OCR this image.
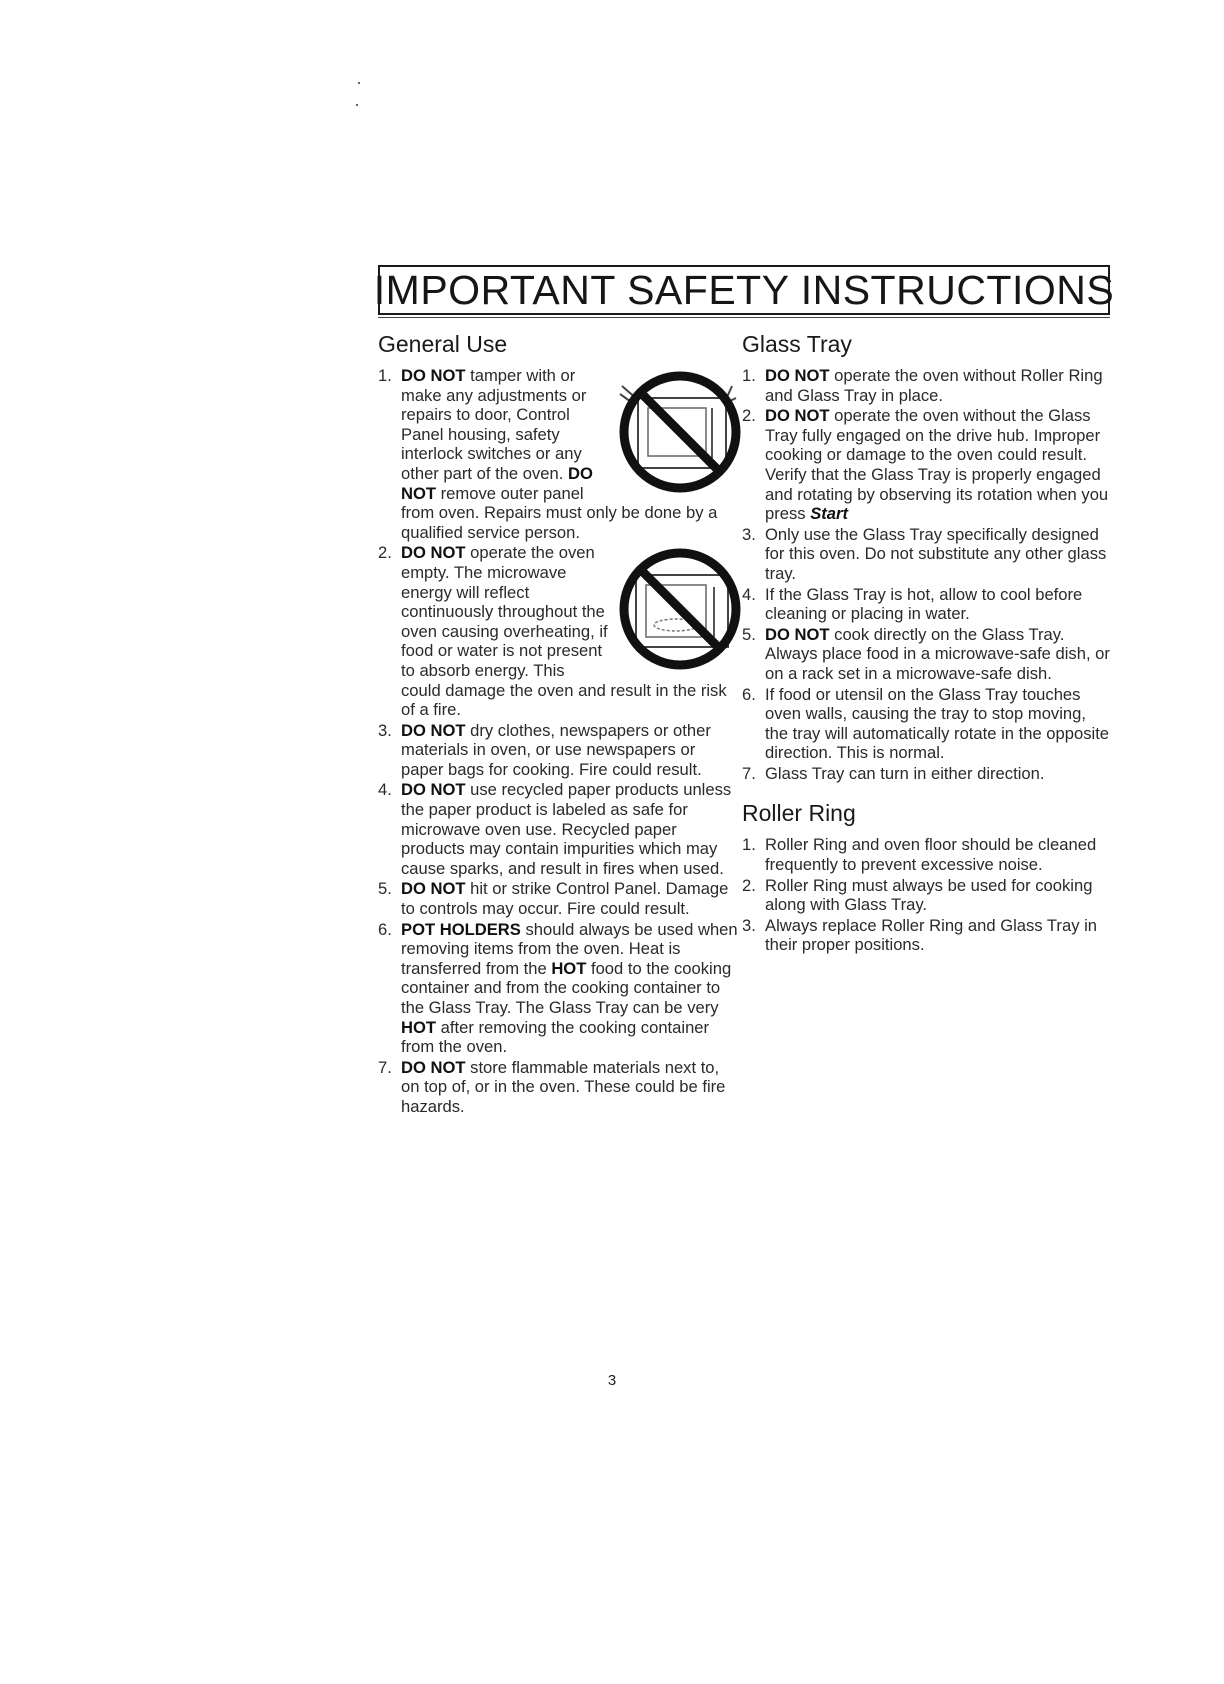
IMPORTANT SAFETY INSTRUCTIONS
General Use
1. DO NOT tamper with or make any adjustments or repairs to door, Control Panel housing, safety interlock switches or any other part of the oven. DO NOT remove outer panel from oven. Repairs must only be done by a qualified service person.
2. DO NOT operate the oven empty. The microwave energy will reflect continuously throughout the oven causing overheating, if food or water is not present to absorb energy. This could damage the oven and result in the risk of a fire.
3. DO NOT dry clothes, newspapers or other materials in oven, or use newspapers or paper bags for cooking. Fire could result.
4. DO NOT use recycled paper products unless the paper product is labeled as safe for microwave oven use. Recycled paper products may contain impurities which may cause sparks, and result in fires when used.
5. DO NOT hit or strike Control Panel. Damage to controls may occur. Fire could result.
6. POT HOLDERS should always be used when removing items from the oven. Heat is transferred from the HOT food to the cooking container and from the cooking container to the Glass Tray. The Glass Tray can be very HOT after removing the cooking container from the oven.
7. DO NOT store flammable materials next to, on top of, or in the oven. These could be fire hazards.
Glass Tray
1. DO NOT operate the oven without Roller Ring and Glass Tray in place.
2. DO NOT operate the oven without the Glass Tray fully engaged on the drive hub. Improper cooking or damage to the oven could result. Verify that the Glass Tray is properly engaged and rotating by observing its rotation when you press Start
3. Only use the Glass Tray specifically designed for this oven. Do not substitute any other glass tray.
4. If the Glass Tray is hot, allow to cool before cleaning or placing in water.
5. DO NOT cook directly on the Glass Tray. Always place food in a microwave-safe dish, or on a rack set in a microwave-safe dish.
6. If food or utensil on the Glass Tray touches oven walls, causing the tray to stop moving, the tray will automatically rotate in the opposite direction. This is normal.
7. Glass Tray can turn in either direction.
Roller Ring
1. Roller Ring and oven floor should be cleaned frequently to prevent excessive noise.
2. Roller Ring must always be used for cooking along with Glass Tray.
3. Always replace Roller Ring and Glass Tray in their proper positions.
3
